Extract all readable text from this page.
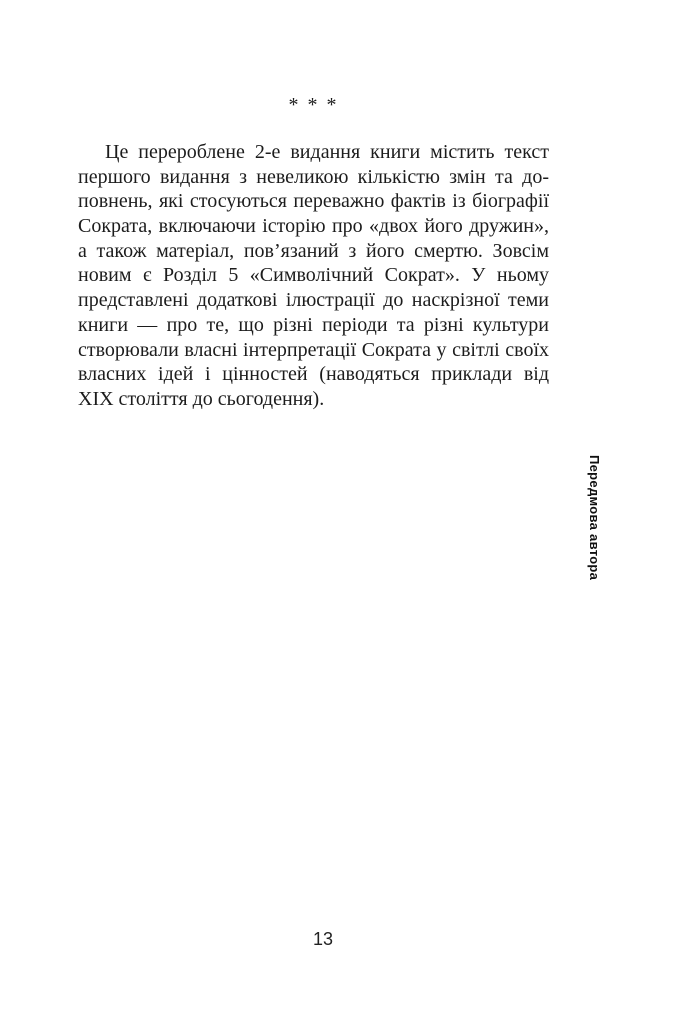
* * *
Це перероблене 2-е видання книги містить текст
першого видання з невеликою кількістю змін та до-
повнень, які стосуються переважно фактів із біографії
Сократа, включаючи історію про «двох його дружин»,
а також матеріал, пов’язаний з його смертю. Зовсім
новим є Розділ 5 «Символічний Сократ». У ньому
представлені додаткові ілюстрації до наскрізної теми
книги — про те, що різні періоди та різні культури
створювали власні інтерпретації Сократа у світлі своїх
власних ідей і цінностей (наводяться приклади від
XIX століття до сьогодення).
Передмова автора
13
